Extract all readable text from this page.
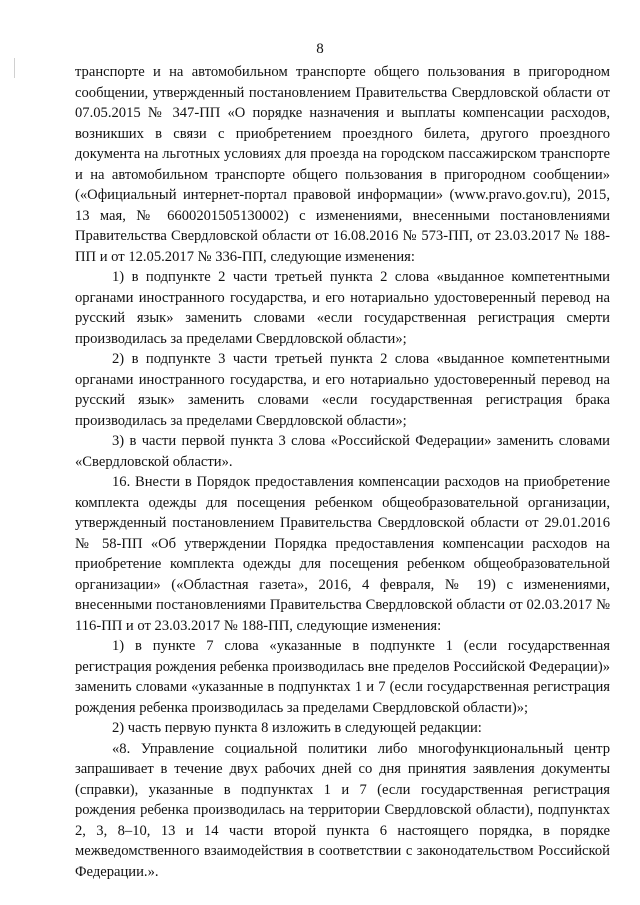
8

транспорте и на автомобильном транспорте общего пользования в пригородном сообщении, утвержденный постановлением Правительства Свердловской области от 07.05.2015 № 347-ПП «О порядке назначения и выплаты компенсации расходов, возникших в связи с приобретением проездного билета, другого проездного документа на льготных условиях для проезда на городском пассажирском транспорте и на автомобильном транспорте общего пользования в пригородном сообщении» («Официальный интернет-портал правовой информации» (www.pravo.gov.ru), 2015, 13 мая, № 6600201505130002) с изменениями, внесенными постановлениями Правительства Свердловской области от 16.08.2016 № 573-ПП, от 23.03.2017 № 188-ПП и от 12.05.2017 № 336-ПП, следующие изменения:

1) в подпункте 2 части третьей пункта 2 слова «выданное компетентными органами иностранного государства, и его нотариально удостоверенный перевод на русский язык» заменить словами «если государственная регистрация смерти производилась за пределами Свердловской области»;

2) в подпункте 3 части третьей пункта 2 слова «выданное компетентными органами иностранного государства, и его нотариально удостоверенный перевод на русский язык» заменить словами «если государственная регистрация брака производилась за пределами Свердловской области»;

3) в части первой пункта 3 слова «Российской Федерации» заменить словами «Свердловской области».

16. Внести в Порядок предоставления компенсации расходов на приобретение комплекта одежды для посещения ребенком общеобразовательной организации, утвержденный постановлением Правительства Свердловской области от 29.01.2016 № 58-ПП «Об утверждении Порядка предоставления компенсации расходов на приобретение комплекта одежды для посещения ребенком общеобразовательной организации» («Областная газета», 2016, 4 февраля, № 19) с изменениями, внесенными постановлениями Правительства Свердловской области от 02.03.2017 № 116-ПП и от 23.03.2017 № 188-ПП, следующие изменения:

1) в пункте 7 слова «указанные в подпункте 1 (если государственная регистрация рождения ребенка производилась вне пределов Российской Федерации)» заменить словами «указанные в подпунктах 1 и 7 (если государственная регистрация рождения ребенка производилась за пределами Свердловской области)»;

2) часть первую пункта 8 изложить в следующей редакции:

«8. Управление социальной политики либо многофункциональный центр запрашивает в течение двух рабочих дней со дня принятия заявления документы (справки), указанные в подпунктах 1 и 7 (если государственная регистрация рождения ребенка производилась на территории Свердловской области), подпунктах 2, 3, 8–10, 13 и 14 части второй пункта 6 настоящего порядка, в порядке межведомственного взаимодействия в соответствии с законодательством Российской Федерации.».
